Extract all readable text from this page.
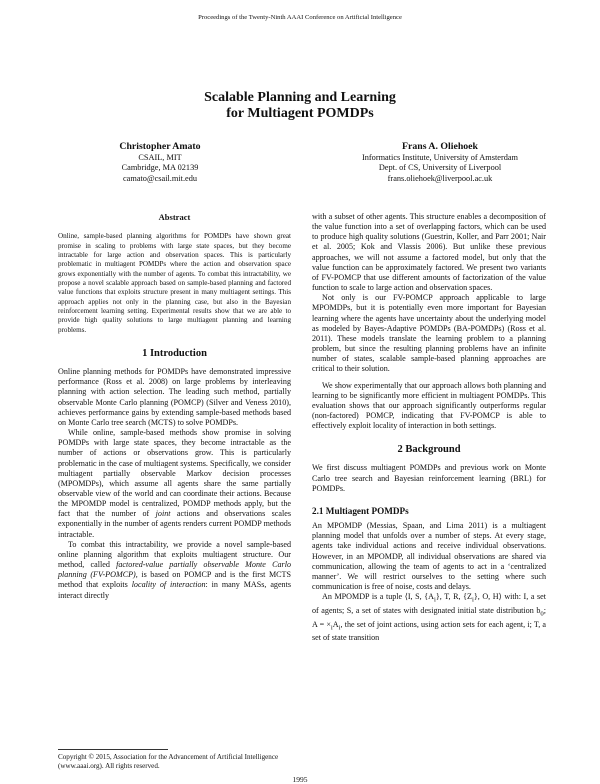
Proceedings of the Twenty-Ninth AAAI Conference on Artificial Intelligence
Scalable Planning and Learning
for Multiagent POMDPs
Christopher Amato
CSAIL, MIT
Cambridge, MA 02139
camato@csail.mit.edu
Frans A. Oliehoek
Informatics Institute, University of Amsterdam
Dept. of CS, University of Liverpool
frans.oliehoek@liverpool.ac.uk
Abstract

Online, sample-based planning algorithms for POMDPs have shown great promise in scaling to problems with large state spaces, but they become intractable for large action and observation spaces. This is particularly problematic in multiagent POMDPs where the action and observation space grows exponentially with the number of agents. To combat this intractability, we propose a novel scalable approach based on sample-based planning and factored value functions that exploits structure present in many multiagent settings. This approach applies not only in the planning case, but also in the Bayesian reinforcement learning setting. Experimental results show that we are able to provide high quality solutions to large multiagent planning and learning problems.

1 Introduction

Online planning methods for POMDPs have demonstrated impressive performance (Ross et al. 2008) on large problems by interleaving planning with action selection. The leading such method, partially observable Monte Carlo planning (POMCP) (Silver and Veness 2010), achieves performance gains by extending sample-based methods based on Monte Carlo tree search (MCTS) to solve POMDPs.

While online, sample-based methods show promise in solving POMDPs with large state spaces, they become intractable as the number of actions or observations grow. This is particularly problematic in the case of multiagent systems. Specifically, we consider multiagent partially observable Markov decision processes (MPOMDPs), which assume all agents share the same partially observable view of the world and can coordinate their actions. Because the MPOMDP model is centralized, POMDP methods apply, but the fact that the number of joint actions and observations scales exponentially in the number of agents renders current POMDP methods intractable.

To combat this intractability, we provide a novel sample-based online planning algorithm that exploits multiagent structure. Our method, called factored-value partially observable Monte Carlo planning (FV-POMCP), is based on POMCP and is the first MCTS method that exploits locality of interaction: in many MASs, agents interact directly

with a subset of other agents. This structure enables a decomposition of the value function into a set of overlapping factors, which can be used to produce high quality solutions (Guestrin, Koller, and Parr 2001; Nair et al. 2005; Kok and Vlassis 2006). But unlike these previous approaches, we will not assume a factored model, but only that the value function can be approximately factored. We present two variants of FV-POMCP that use different amounts of factorization of the value function to scale to large action and observation spaces.

Not only is our FV-POMCP approach applicable to large MPOMDPs, but it is potentially even more important for Bayesian learning where the agents have uncertainty about the underlying model as modeled by Bayes-Adaptive POMDPs (BA-POMDPs) (Ross et al. 2011). These models translate the learning problem to a planning problem, but since the resulting planning problems have an infinite number of states, scalable sample-based planning approaches are critical to their solution.

We show experimentally that our approach allows both planning and learning to be significantly more efficient in multiagent POMDPs. This evaluation shows that our approach significantly outperforms regular (non-factored) POMCP, indicating that FV-POMCP is able to effectively exploit locality of interaction in both settings.

2 Background

We first discuss multiagent POMDPs and previous work on Monte Carlo tree search and Bayesian reinforcement learning (BRL) for POMDPs.

2.1 Multiagent POMDPs

An MPOMDP (Messias, Spaan, and Lima 2011) is a multiagent planning model that unfolds over a number of steps. At every stage, agents take individual actions and receive individual observations. However, in an MPOMDP, all individual observations are shared via communication, allowing the team of agents to act in a ‘centralized manner’. We will restrict ourselves to the setting where such communication is free of noise, costs and delays.

An MPOMDP is a tuple ⟨I, S, $\{A_i\}$, T, R, $\{Z_i\}$, O, H⟩ with: I, a set of agents; S, a set of states with designated initial state distribution $b_0$; $A = \times_iA_i$, the set of joint actions, using action sets for each agent, i; T, a set of state transition

Copyright © 2015, Association for the Advancement of Artificial Intelligence (www.aaai.org). All rights reserved.
1995
